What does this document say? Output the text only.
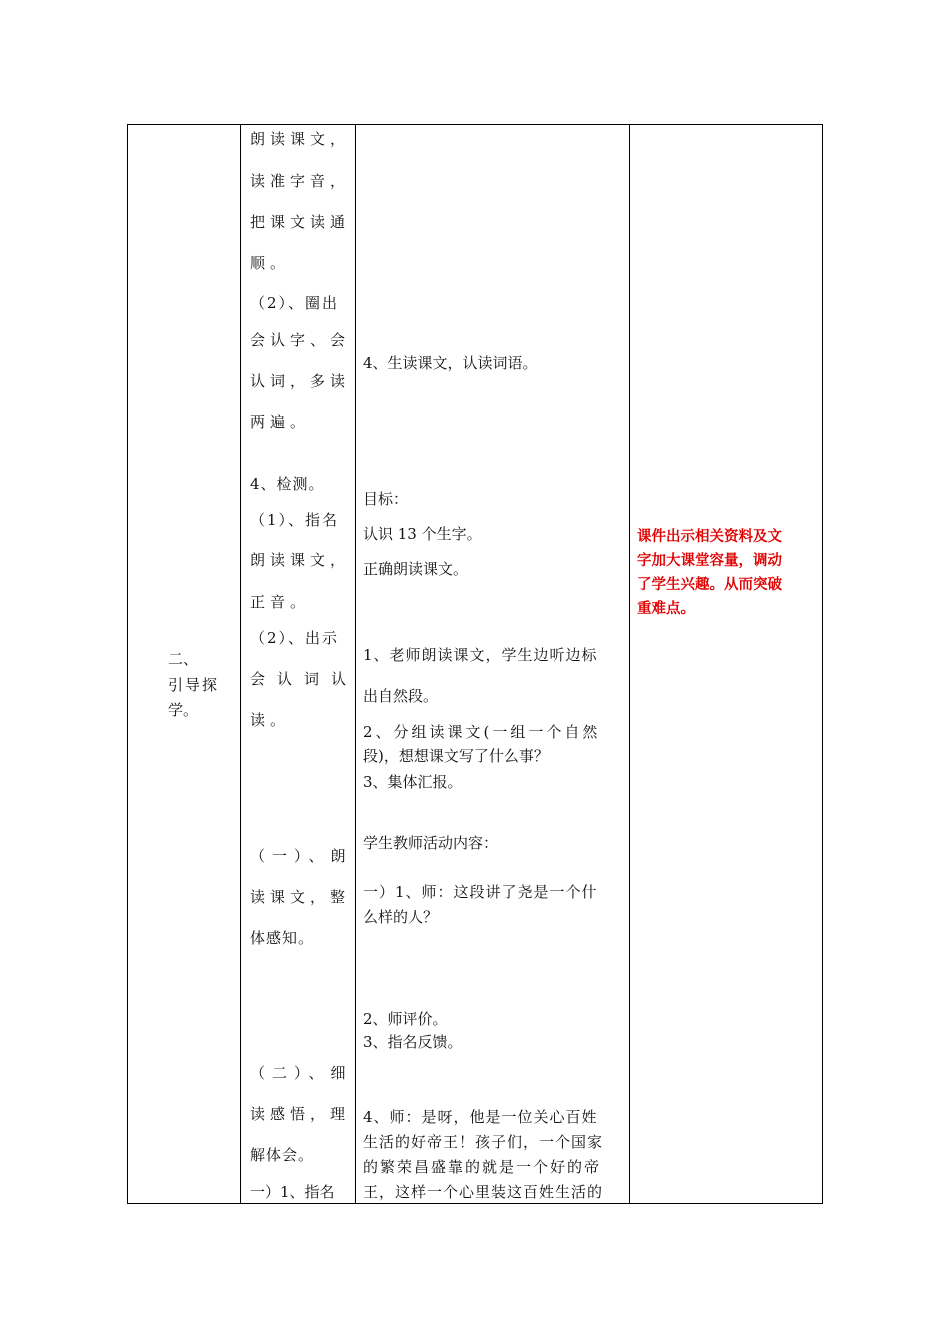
二、
引导探
学。
朗读课文，
读准字音，
把课文读通
顺。
（2）、圈出
会认字、会
认词，多读
两遍。
4、检测。
（1）、指名
朗读课文，
正音。
（2）、出示
会认词认
读。
（一）、朗
读课文，整
体感知。
（二）、细
读感悟，理
解体会。
一）1、指名
4、生读课文，认读词语。
目标：
认识 13 个生字。
正确朗读课文。
1、老师朗读课文，学生边听边标
出自然段。
2、分组读课文(一组一个自然
段)，想想课文写了什么事？
3、集体汇报。
学生教师活动内容：
一）1、师：这段讲了尧是一个什
么样的人？
2、师评价。
3、指名反馈。
4、师：是呀，他是一位关心百姓
生活的好帝王！孩子们，一个国家
的繁荣昌盛靠的就是一个好的帝
王，这样一个心里装这百姓生活的
课件出示相关资料及文
字加大课堂容量，调动
了学生兴趣。从而突破
重难点。
